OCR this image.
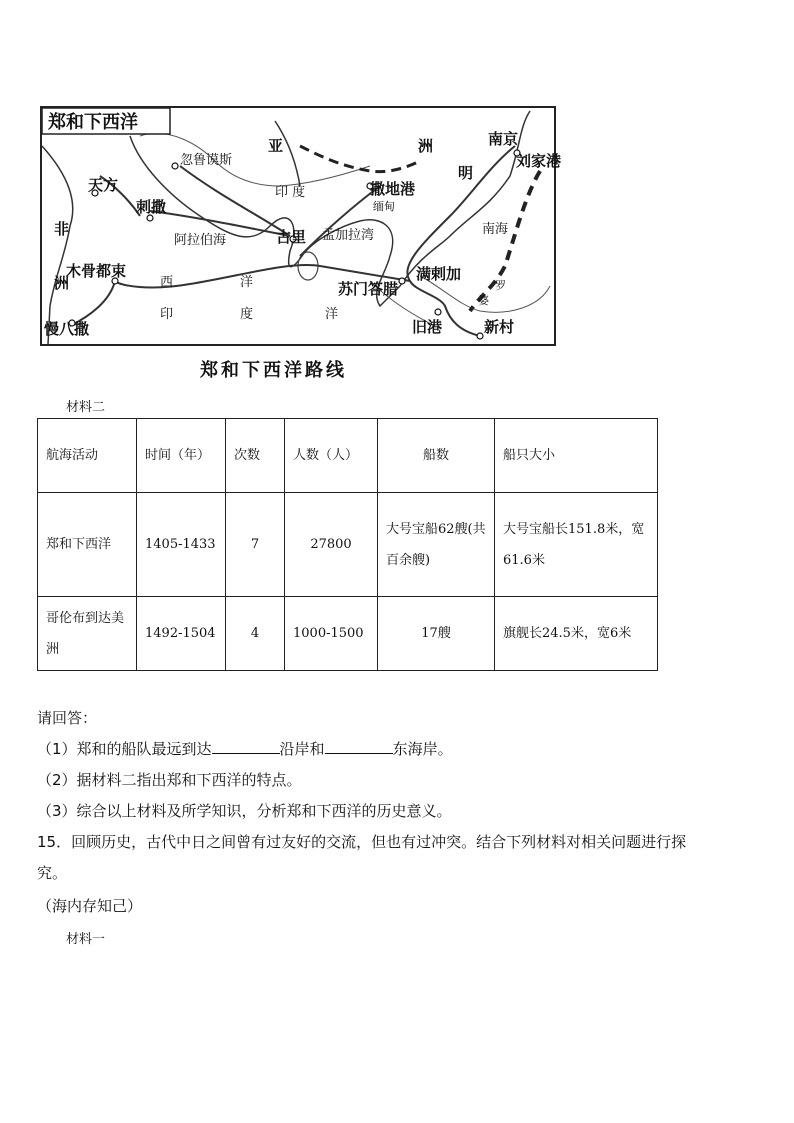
郑和下西洋
亚	洲
明
南京
刘家港
忽鲁谟斯
天方
刺撒
非
洲
木骨都束
慢八撒
阿拉伯海
印 度
古里 孟加拉湾
撒地港
缅甸
南海
西	洋	满剌加
苏门答腊
旧港	新村
罗
婆
印	度	洋
郑和下西洋路线
材料二
航海活动	时间（年）	次数	人数（人）	船数	船只大小
郑和下西洋	1405-1433	7	27800	大号宝船62艘(共百余艘)	大号宝船长151.8米，宽61.6米
哥伦布到达美洲	1492-1504	4	1000-1500	17艘	旗舰长24.5米，宽6米
请回答：
（1）郑和的船队最远到达	沿岸和	东海岸。
（2）据材料二指出郑和下西洋的特点。
（3）综合以上材料及所学知识，分析郑和下西洋的历史意义。
15．回顾历史，古代中日之间曾有过友好的交流，但也有过冲突。结合下列材料对相关问题进行探
究。
（海内存知己）
材料一
